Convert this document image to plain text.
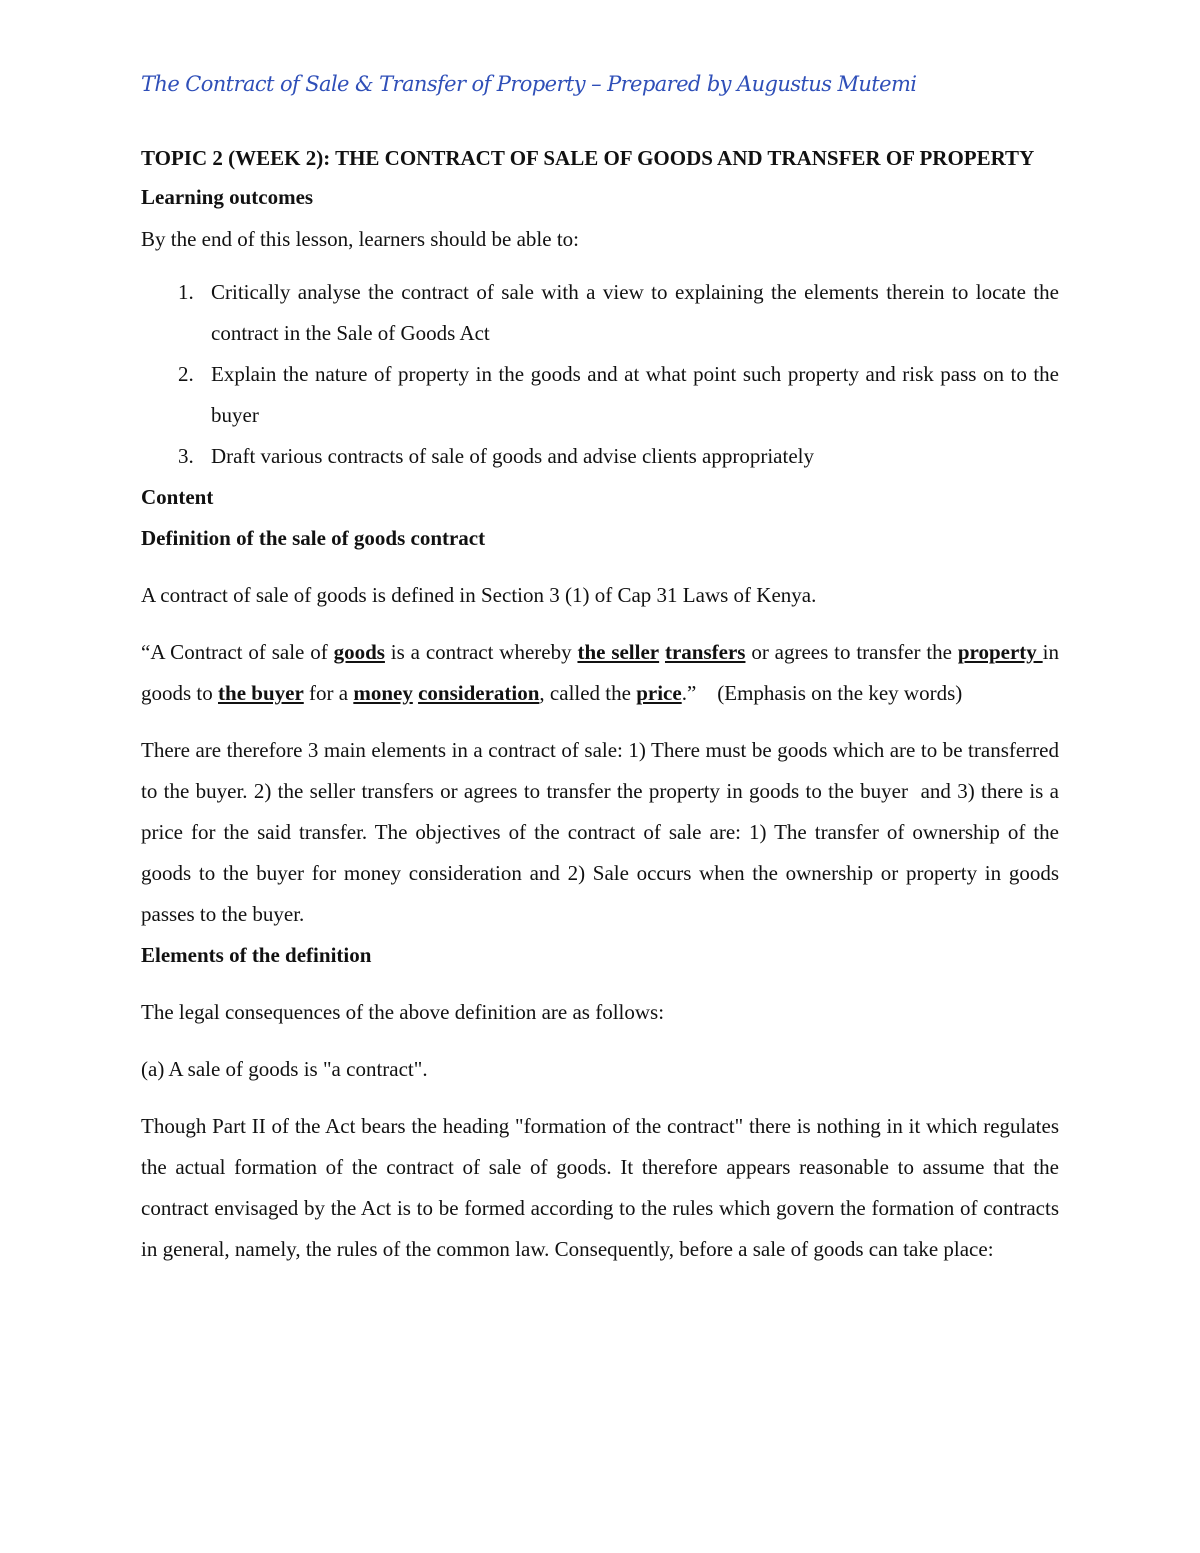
The Contract of Sale & Transfer of Property – Prepared by Augustus Mutemi

TOPIC 2 (WEEK 2): THE CONTRACT OF SALE OF GOODS AND TRANSFER OF PROPERTY

Learning outcomes

By the end of this lesson, learners should be able to:

1. Critically analyse the contract of sale with a view to explaining the elements therein to locate the contract in the Sale of Goods Act
2. Explain the nature of property in the goods and at what point such property and risk pass on to the buyer
3. Draft various contracts of sale of goods and advise clients appropriately
Content
Definition of the sale of goods contract

A contract of sale of goods is defined in Section 3 (1) of Cap 31 Laws of Kenya.

“A Contract of sale of goods is a contract whereby the seller transfers or agrees to transfer the property in goods to the buyer for a money consideration, called the price.”    (Emphasis on the key words)

There are therefore 3 main elements in a contract of sale: 1) There must be goods which are to be transferred to the buyer. 2) the seller transfers or agrees to transfer the property in goods to the buyer  and 3) there is a price for the said transfer. The objectives of the contract of sale are: 1) The transfer of ownership of the goods to the buyer for money consideration and 2) Sale occurs when the ownership or property in goods passes to the buyer.

Elements of the definition

The legal consequences of the above definition are as follows:

(a) A sale of goods is "a contract".

Though Part II of the Act bears the heading "formation of the contract" there is nothing in it which regulates the actual formation of the contract of sale of goods. It therefore appears reasonable to assume that the contract envisaged by the Act is to be formed according to the rules which govern the formation of contracts in general, namely, the rules of the common law. Consequently, before a sale of goods can take place:
